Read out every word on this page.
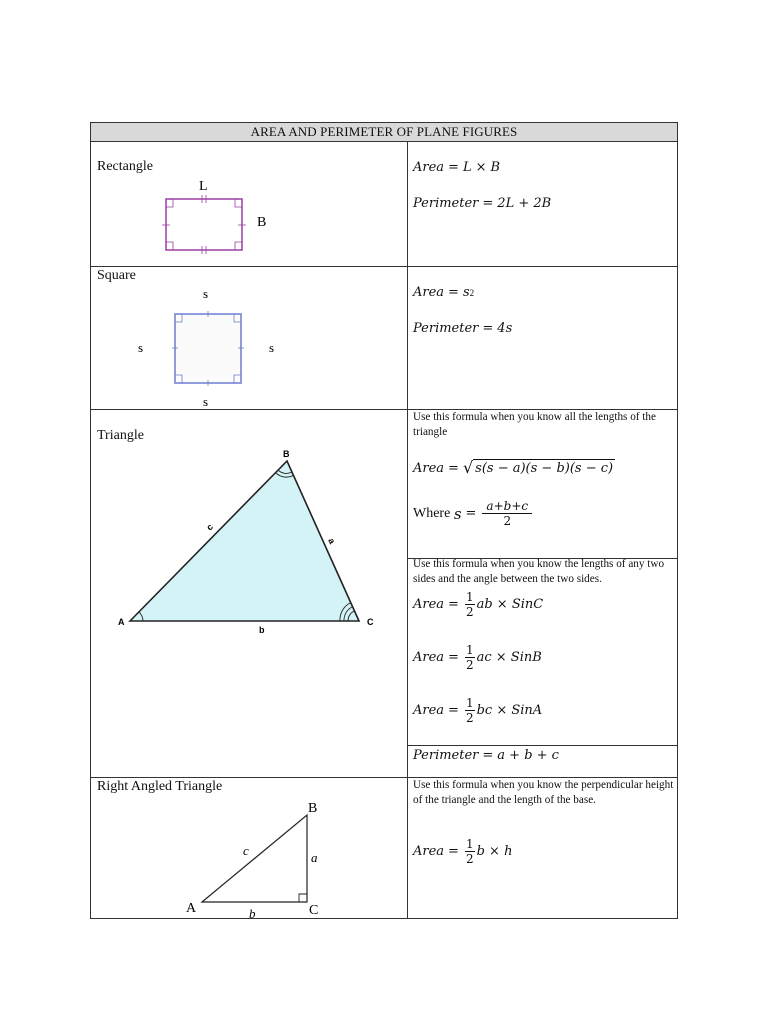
AREA AND PERIMETER OF PLANE FIGURES
Rectangle
L
B
Area = L × B
Perimeter = 2L + 2B
Square
s
s	s
s
Area = s 2
Perimeter = 4s
Triangle
A
B
C
b
c
a
Use this formula when you know all the lengths of the triangle
Area = √ s(s − a)(s − b)(s − c)
Where
$s = \frac{a+b+c}{2}$
Use this formula when you know the lengths of any two sides and the angle between the two sides.
Area = $\frac{1}{2}$ ab × SinC
Area = $\frac{1}{2}$ ac × SinB
Area = $\frac{1}{2}$ bc × SinA
Perimeter = a + b + c
Right Angled Triangle
A
B
C
c	a
b
Use this formula when you know the perpendicular height of the triangle and the length of the base.
Area = $\frac{1}{2}$ b × h
